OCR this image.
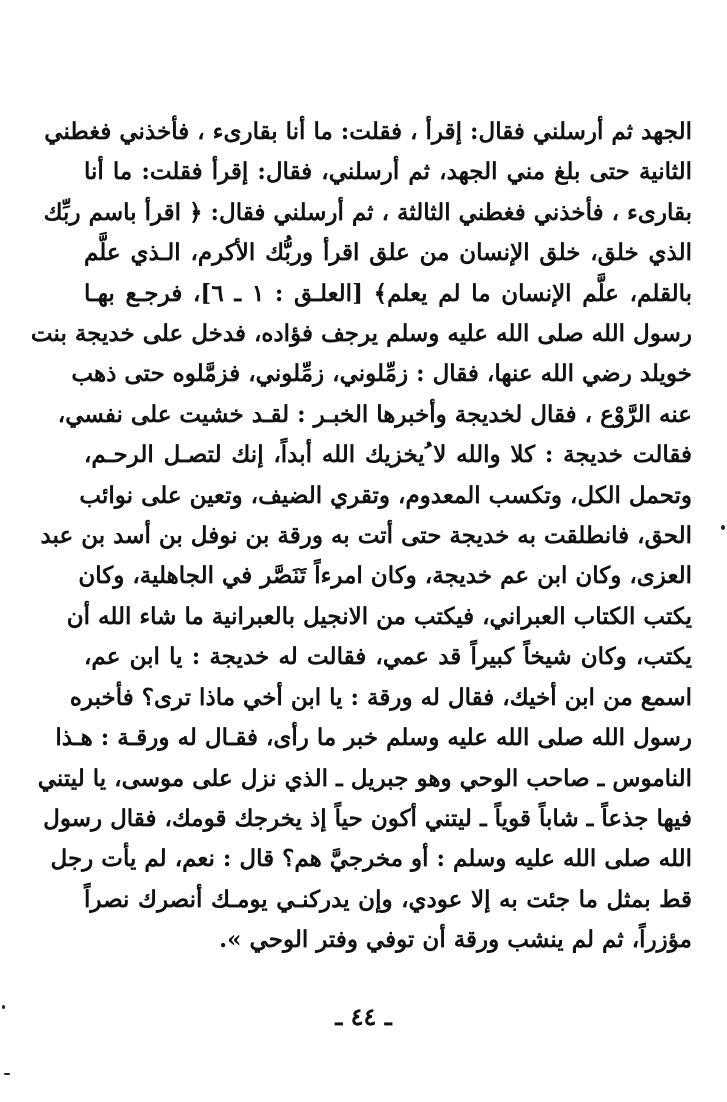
الجهد ثم أرسلني فقال: إقرأ ، فقلت: ما أنا بقارىء ، فأخذني فغطني
الثانية حتى بلغ مني الجهد، ثم أرسلني، فقال: إقرأ فقلت: ما أنا
بقارىء ، فأخذني فغطني الثالثة ، ثم أرسلني فقال: ﴿ اقرأ باسم ربِّك
الذي خلق، خلق الإنسان من علق اقرأ وربُّك الأكرم، الـذي علَّم
بالقلم، علَّم الإنسان ما لم يعلم﴾ [العلـق : ١ ـ ٦]، فرجـع بهـا
رسول الله صلى الله عليه وسلم يرجف فؤاده، فدخل على خديجة بنت
خويلد رضي الله عنها، فقال : زمِّلوني، زمِّلوني، فزمَّلوه حتى ذهب
عنه الرَّوْع ، فقال لخديجة وأخبرها الخبـر : لقـد خشيت على نفسي،
فقالت خديجة : كلا والله لا ُيخزيك الله أبداً، إنك لتصـل الرحـم،
وتحمل الكل، وتكسب المعدوم، وتقري الضيف، وتعين على نوائب
الحق، فانطلقت به خديجة حتى أتت به ورقة بن نوفل بن أسد بن عبد
العزى، وكان ابن عم خديجة، وكان امرءاً تَنَصَّر في الجاهلية، وكان
يكتب الكتاب العبراني، فيكتب من الانجيل بالعبرانية ما شاء الله أن
يكتب، وكان شيخاً كبيراً قد عمي، فقالت له خديجة : يا ابن عم،
اسمع من ابن أخيك، فقال له ورقة : يا ابن أخي ماذا ترى؟ فأخبره
رسول الله صلى الله عليه وسلم خبر ما رأى، فقـال له ورقـة : هـذا
الناموس ـ صاحب الوحي وهو جبريل ـ الذي نزل على موسى، يا ليتني
فيها جذعاً ـ شاباً قوياً ـ ليتني أكون حياً إذ يخرجك قومك، فقال رسول
الله صلى الله عليه وسلم : أو مخرجيَّ هم؟ قال : نعم، لم يأت رجل
قط بمثل ما جئت به إلا عودي، وإن يدركنـي يومـك أنصرك نصراً
مؤزراً، ثم لم ينشب ورقة أن توفي وفتر الوحي ».
ـ ٤٤ ـ
